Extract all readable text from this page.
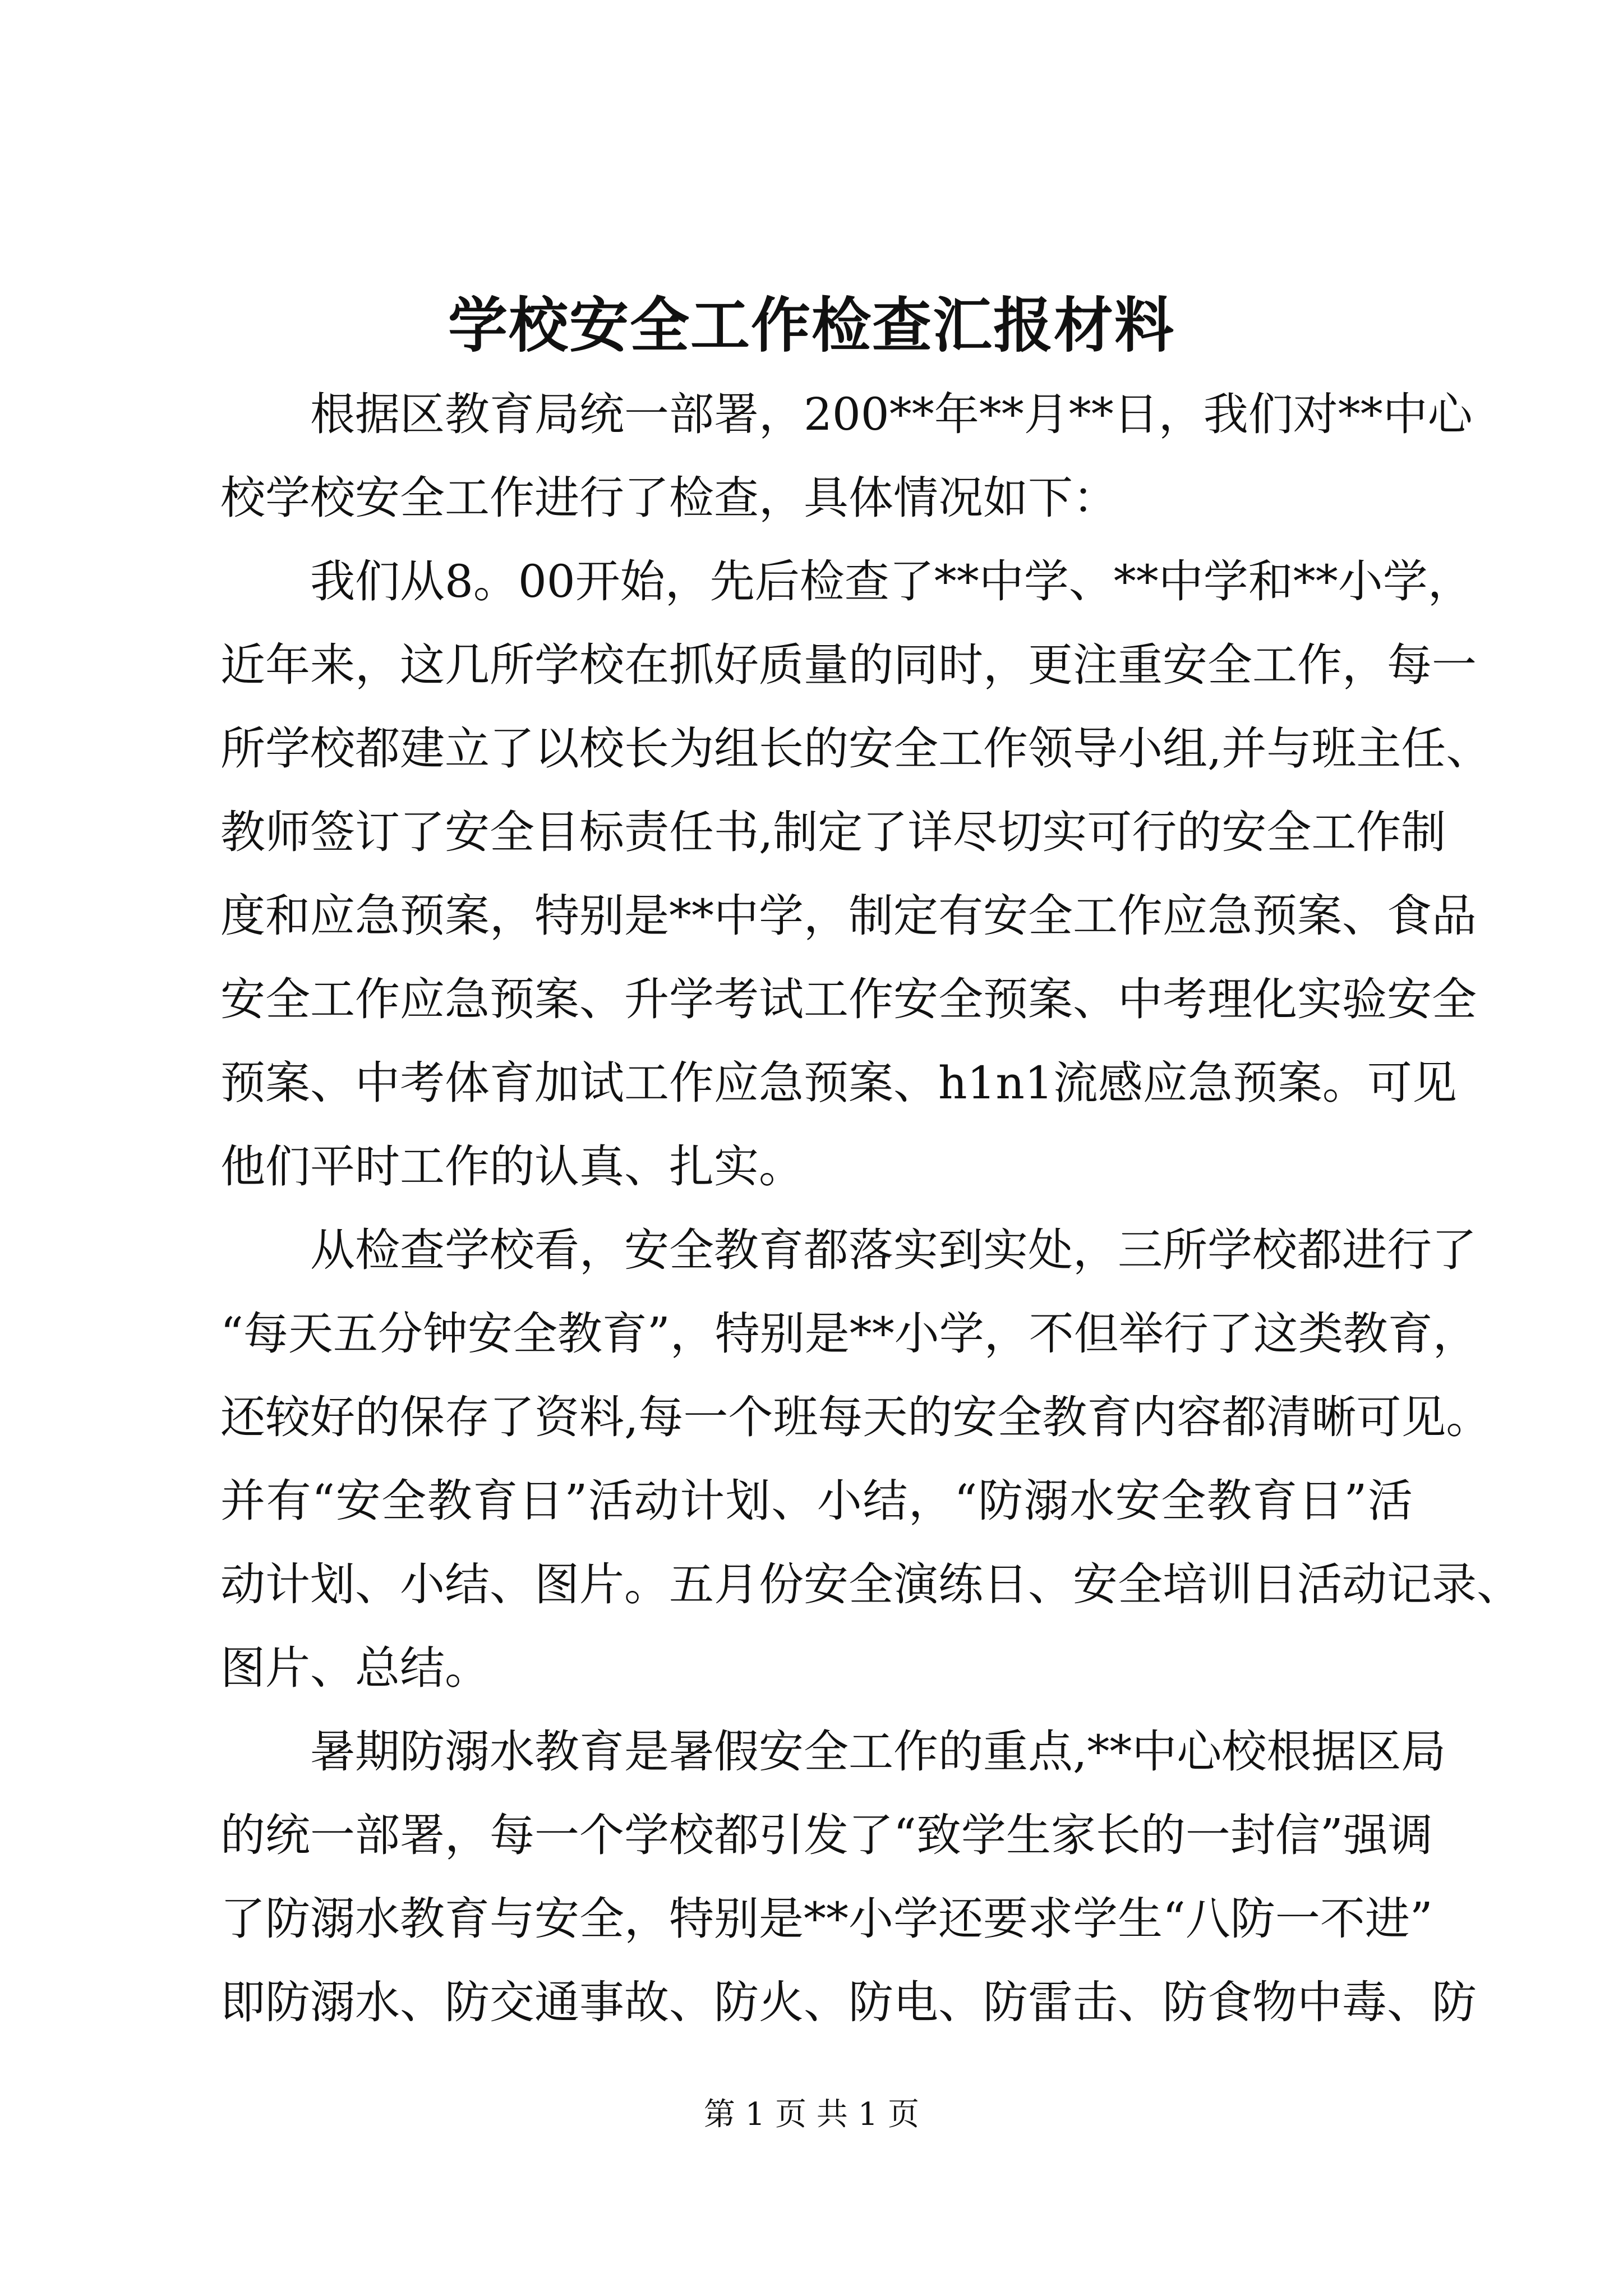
学校安全工作检查汇报材料
根据区教育局统一部署，200**年**月**日，我们对**中心
校学校安全工作进行了检查，具体情况如下：
我们从8。00开始，先后检查了**中学、**中学和**小学，
近年来，这几所学校在抓好质量的同时，更注重安全工作，每一
所学校都建立了以校长为组长的安全工作领导小组,并与班主任、
教师签订了安全目标责任书,制定了详尽切实可行的安全工作制
度和应急预案，特别是**中学，制定有安全工作应急预案、食品
安全工作应急预案、升学考试工作安全预案、中考理化实验安全
预案、中考体育加试工作应急预案、h1n1流感应急预案。可见
他们平时工作的认真、扎实。
从检查学校看，安全教育都落实到实处，三所学校都进行了
“每天五分钟安全教育”，特别是**小学，不但举行了这类教育，
还较好的保存了资料,每一个班每天的安全教育内容都清晰可见。
并有“安全教育日”活动计划、小结，“防溺水安全教育日”活
动计划、小结、图片。五月份安全演练日、安全培训日活动记录、
图片、总结。
暑期防溺水教育是暑假安全工作的重点,**中心校根据区局
的统一部署，每一个学校都引发了“致学生家长的一封信”强调
了防溺水教育与安全，特别是**小学还要求学生“八防一不进”
即防溺水、防交通事故、防火、防电、防雷击、防食物中毒、防
第 1 页 共 1 页
